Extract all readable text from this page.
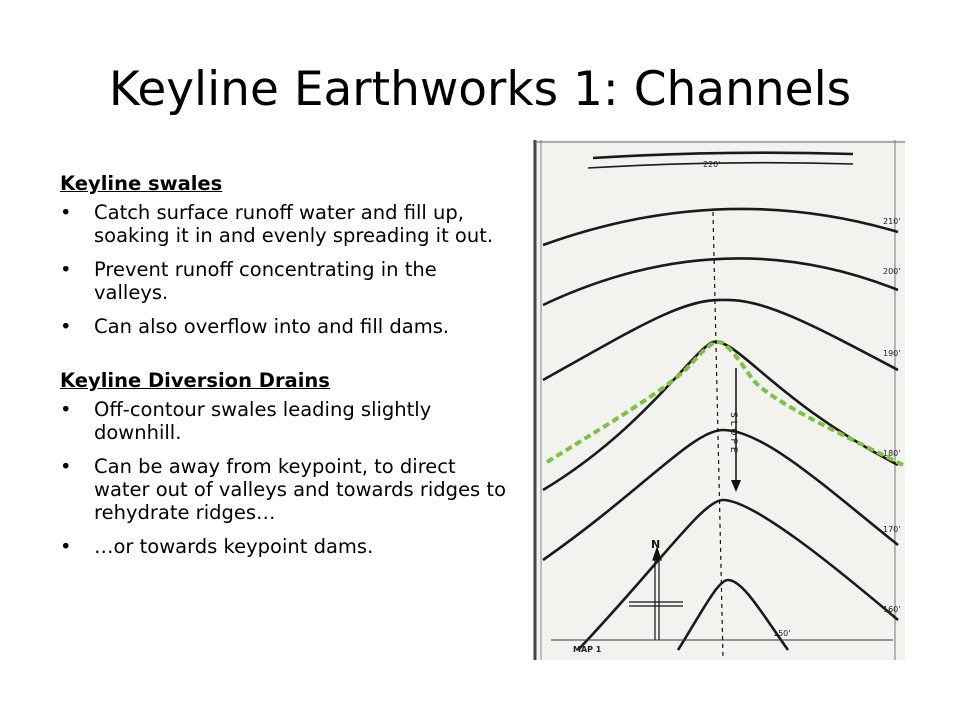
Keyline Earthworks 1: Channels
Keyline swales
• Catch surface runoff water and fill up, soaking it in and evenly spreading it out.
• Prevent runoff concentrating in the valleys.
• Can also overflow into and fill dams.
Keyline Diversion Drains
• Off-contour swales leading slightly downhill.
• Can be away from keypoint, to direct water out of valleys and towards ridges to rehydrate ridges…
• …or towards keypoint dams.
SLOPE
220'
210'
200'
190'
180'
170'
160'
150'
N
MAP 1
